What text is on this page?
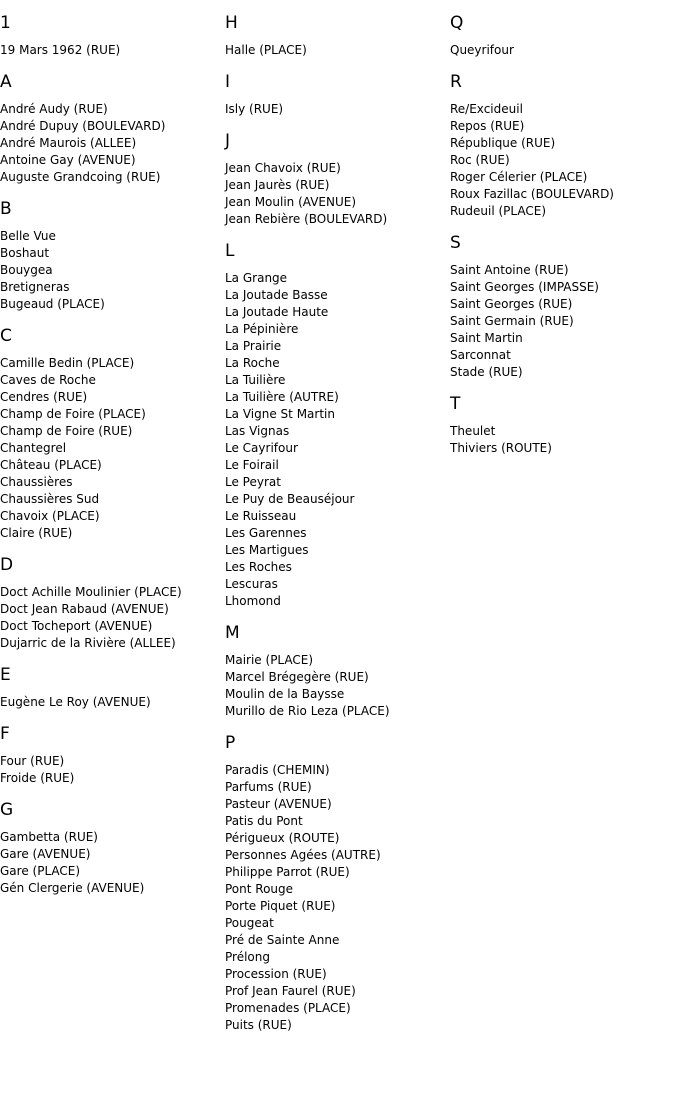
1
19 Mars 1962 (RUE)
A
André Audy (RUE)
André Dupuy (BOULEVARD)
André Maurois (ALLEE)
Antoine Gay (AVENUE)
Auguste Grandcoing (RUE)
B
Belle Vue
Boshaut
Bouygea
Bretigneras
Bugeaud (PLACE)
C
Camille Bedin (PLACE)
Caves de Roche
Cendres (RUE)
Champ de Foire (PLACE)
Champ de Foire (RUE)
Chantegrel
Château (PLACE)
Chaussières
Chaussières Sud
Chavoix (PLACE)
Claire (RUE)
D
Doct Achille Moulinier (PLACE)
Doct Jean Rabaud (AVENUE)
Doct Tocheport (AVENUE)
Dujarric de la Rivière (ALLEE)
E
Eugène Le Roy (AVENUE)
F
Four (RUE)
Froide (RUE)
G
Gambetta (RUE)
Gare (AVENUE)
Gare (PLACE)
Gén Clergerie (AVENUE)
H
Halle (PLACE)
I
Isly (RUE)
J
Jean Chavoix (RUE)
Jean Jaurès (RUE)
Jean Moulin (AVENUE)
Jean Rebière (BOULEVARD)
L
La Grange
La Joutade Basse
La Joutade Haute
La Pépinière
La Prairie
La Roche
La Tuilière
La Tuilière (AUTRE)
La Vigne St Martin
Las Vignas
Le Cayrifour
Le Foirail
Le Peyrat
Le Puy de Beauséjour
Le Ruisseau
Les Garennes
Les Martigues
Les Roches
Lescuras
Lhomond
M
Mairie (PLACE)
Marcel Brégegère (RUE)
Moulin de la Baysse
Murillo de Rio Leza (PLACE)
P
Paradis (CHEMIN)
Parfums (RUE)
Pasteur (AVENUE)
Patis du Pont
Périgueux (ROUTE)
Personnes Agées (AUTRE)
Philippe Parrot (RUE)
Pont Rouge
Porte Piquet (RUE)
Pougeat
Pré de Sainte Anne
Prélong
Procession (RUE)
Prof Jean Faurel (RUE)
Promenades (PLACE)
Puits (RUE)
Q
Queyrifour
R
Re/Excideuil
Repos (RUE)
République (RUE)
Roc (RUE)
Roger Célerier (PLACE)
Roux Fazillac (BOULEVARD)
Rudeuil (PLACE)
S
Saint Antoine (RUE)
Saint Georges (IMPASSE)
Saint Georges (RUE)
Saint Germain (RUE)
Saint Martin
Sarconnat
Stade (RUE)
T
Theulet
Thiviers (ROUTE)
